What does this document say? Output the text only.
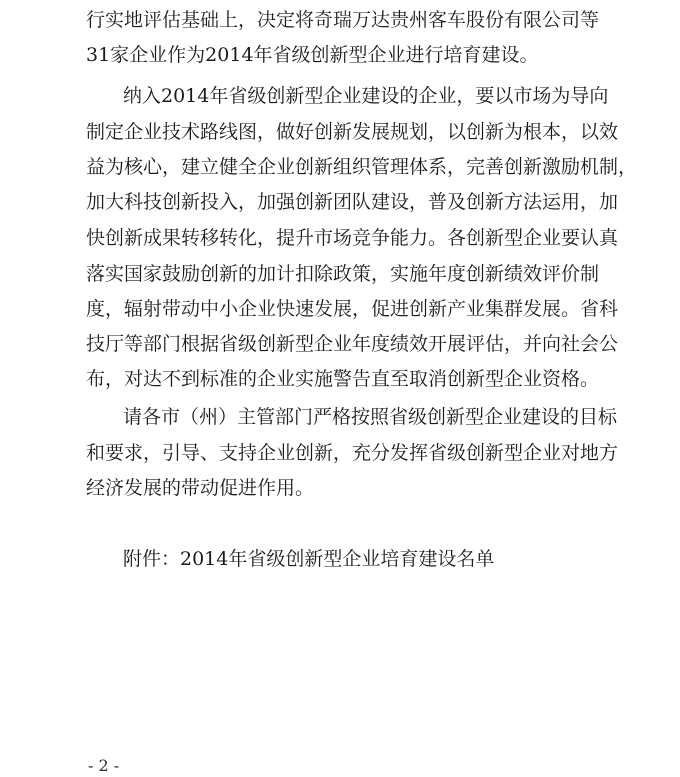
行实地评估基础上，决定将奇瑞万达贵州客车股份有限公司等
31家企业作为2014年省级创新型企业进行培育建设。
纳入2014年省级创新型企业建设的企业，要以市场为导向
制定企业技术路线图，做好创新发展规划，以创新为根本，以效
益为核心，建立健全企业创新组织管理体系，完善创新激励机制，
加大科技创新投入，加强创新团队建设，普及创新方法运用，加
快创新成果转移转化，提升市场竞争能力。各创新型企业要认真
落实国家鼓励创新的加计扣除政策，实施年度创新绩效评价制
度，辐射带动中小企业快速发展，促进创新产业集群发展。省科
技厅等部门根据省级创新型企业年度绩效开展评估，并向社会公
布，对达不到标准的企业实施警告直至取消创新型企业资格。
请各市（州）主管部门严格按照省级创新型企业建设的目标
和要求，引导、支持企业创新，充分发挥省级创新型企业对地方
经济发展的带动促进作用。
附件：2014年省级创新型企业培育建设名单
- 2 -
